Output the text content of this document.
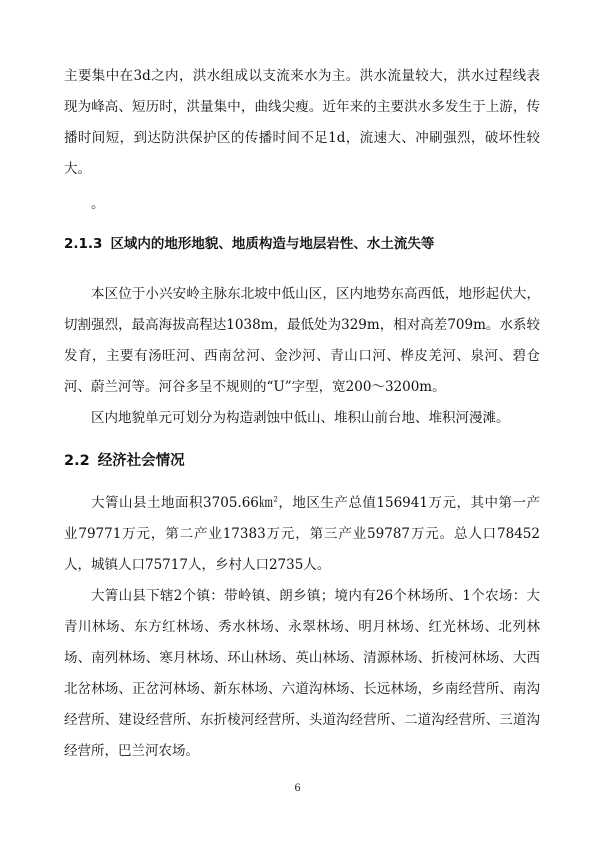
主要集中在3d之内，洪水组成以支流来水为主。洪水流量较大，洪水过程线表现为峰高、短历时，洪量集中，曲线尖瘦。近年来的主要洪水多发生于上游，传播时间短，到达防洪保护区的传播时间不足1d，流速大、冲刷强烈，破坏性较大。

。

2.1.3 区域内的地形地貌、地质构造与地层岩性、水土流失等

本区位于小兴安岭主脉东北坡中低山区，区内地势东高西低，地形起伏大，切割强烈，最高海拔高程达1038m，最低处为329m，相对高差709m。水系较发育，主要有汤旺河、西南岔河、金沙河、青山口河、桦皮羌河、泉河、碧仓河、蔚兰河等。河谷多呈不规则的“U”字型，宽200～3200m。

区内地貌单元可划分为构造剥蚀中低山、堆积山前台地、堆积河漫滩。

2.2 经济社会情况

大箐山县土地面积3705.66㎞$^2$，地区生产总值156941万元，其中第一产业79771万元，第二产业17383万元，第三产业59787万元。总人口78452人，城镇人口75717人，乡村人口2735人。

大箐山县下辖2个镇：带岭镇、朗乡镇；境内有26个林场所、1个农场：大青川林场、东方红林场、秀水林场、永翠林场、明月林场、红光林场、北列林场、南列林场、寒月林场、环山林场、英山林场、清源林场、折棱河林场、大西北岔林场、正岔河林场、新东林场、六道沟林场、长远林场，乡南经营所、南沟经营所、建设经营所、东折棱河经营所、头道沟经营所、二道沟经营所、三道沟经营所，巴兰河农场。

6
